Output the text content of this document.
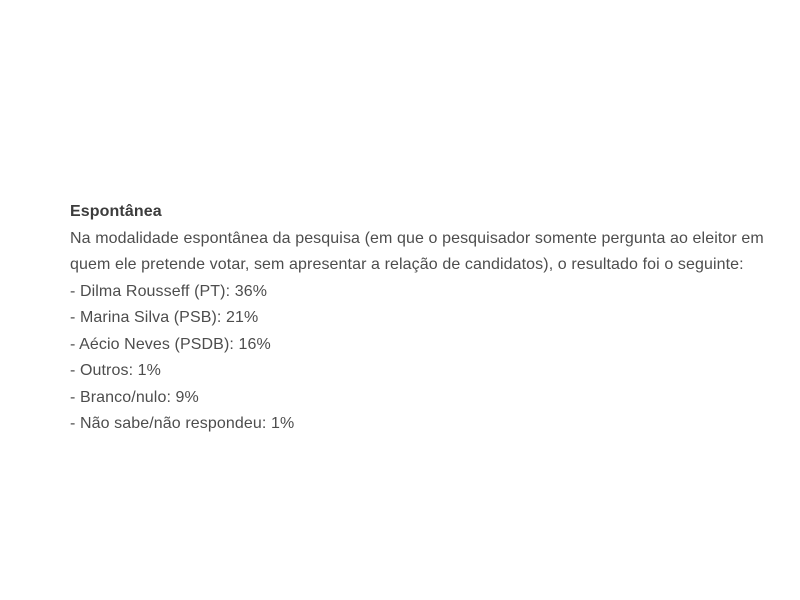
Espontânea

Na modalidade espontânea da pesquisa (em que o pesquisador somente pergunta ao eleitor em quem ele pretende votar, sem apresentar a relação de candidatos), o resultado foi o seguinte:

- Dilma Rousseff (PT): 36%
- Marina Silva (PSB): 21%
- Aécio Neves (PSDB): 16%
- Outros: 1%
- Branco/nulo: 9%
- Não sabe/não respondeu: 1%
